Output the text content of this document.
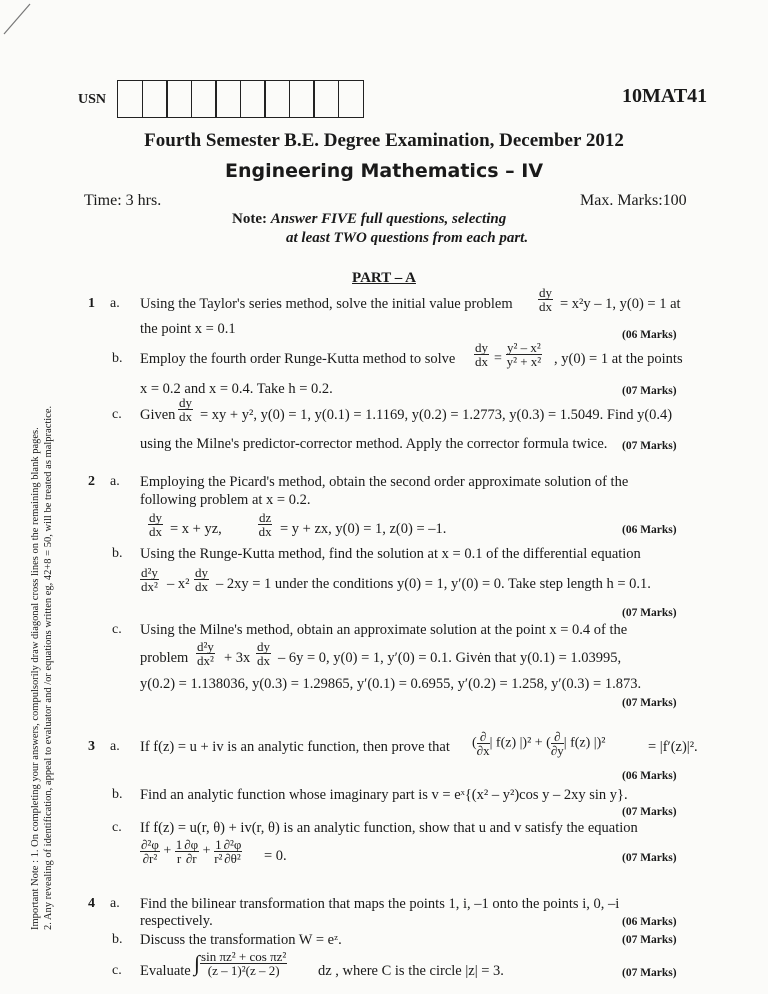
USN	10MAT41
Fourth Semester B.E. Degree Examination, December 2012
Engineering Mathematics – IV
Time: 3 hrs.	Max. Marks:100
Note: Answer FIVE full questions, selecting
at least TWO questions from each part.
PART – A
Important Note : 1. On completing your answers, compulsorily draw diagonal cross lines on the remaining blank pages. 2. Any revealing of identification, appeal to evaluator and /or equations written eg, 42+8 = 50, will be treated as malpractice.
1 a. Using the Taylor's series method, solve the initial value problem $\frac{dy}{dx} = x^2y - 1$, y(0) = 1 at
the point x = 0.1	(06 Marks)
b. Employ the fourth order Runge-Kutta method to solve $\frac{dy}{dx} = \frac{\text{y² – x²}}{\text{y² + x²}}$ , y(0) = 1 at the points
x = 0.2 and x = 0.4. Take h = 0.2.	(07 Marks)
c. Given $\frac{dy}{dx}$ = xy + y², y(0) = 1, y(0.1) = 1.1169, y(0.2) = 1.2773, y(0.3) = 1.5049. Find y(0.4)
using the Milne's predictor-corrector method. Apply the corrector formula twice. (07 Marks)
2 a. Employing the Picard's method, obtain the second order approximate solution of the
following problem at x = 0.2.
$\frac{dy}{dx} = x$ + yz,	$\frac{dz}{dx} = y$ + zx, y(0) = 1, z(0) = –1.	(06 Marks)
b. Using the Runge-Kutta method, find the solution at x = 0.1 of the differential equation
$\frac{\text{d²y}}{\text{dx²}} - x^2 \frac{dy}{dx} - 2xy = 1$ under the conditions y(0) = 1, y′(0) = 0. Take step length h = 0.1.
(07 Marks)
c. Using the Milne's method, obtain an approximate solution at the point x = 0.4 of the
problem $\frac{\text{d²y}}{\text{dx²}} + 3x \frac{dy}{dx} - 6y = 0$, y(0) = 1, y′(0) = 0.1. Givėn that y(0.1) = 1.03995,
y(0.2) = 1.138036, y(0.3) = 1.29865, y′(0.1) = 0.6955, y′(0.2) = 1.258, y′(0.3) = 1.873.
(07 Marks)
3 a. If f(z) = u + iv is an analytic function, then prove that ( $\frac{\partial}{\partial x}$ | f(z) |)² + ( $\frac{\partial}{\partial y}$ | f(z) |)²	= |f′(z)|².
(06 Marks)
b. Find an analytic function whose imaginary part is v = eˣ{(x² – y²)cos y – 2xy sin y}.
(07 Marks)
c. If f(z) = u(r, θ) + iv(r, θ) is an analytic function, show that u and v satisfy the equation
$\frac{\text{∂²φ}}{\text{∂r²}} + \frac{1}{r} \frac{\partial\varphi}{\partial r} + \frac{1}{\text{r²}} \frac{\text{∂²φ}}{\text{∂θ²}} = 0$.	(07 Marks)
4 a. Find the bilinear transformation that maps the points 1, i, –1 onto the points i, 0, –i
respectively.	(06 Marks)
b. Discuss the transformation W = eᶻ.	(07 Marks)
c. Evaluate ∫ $\frac{\text{sin πz² + cos πz²}}{\text{(z – 1)²(z – 2)}}$ dz , where C is the circle |z| = 3.	(07 Marks)
